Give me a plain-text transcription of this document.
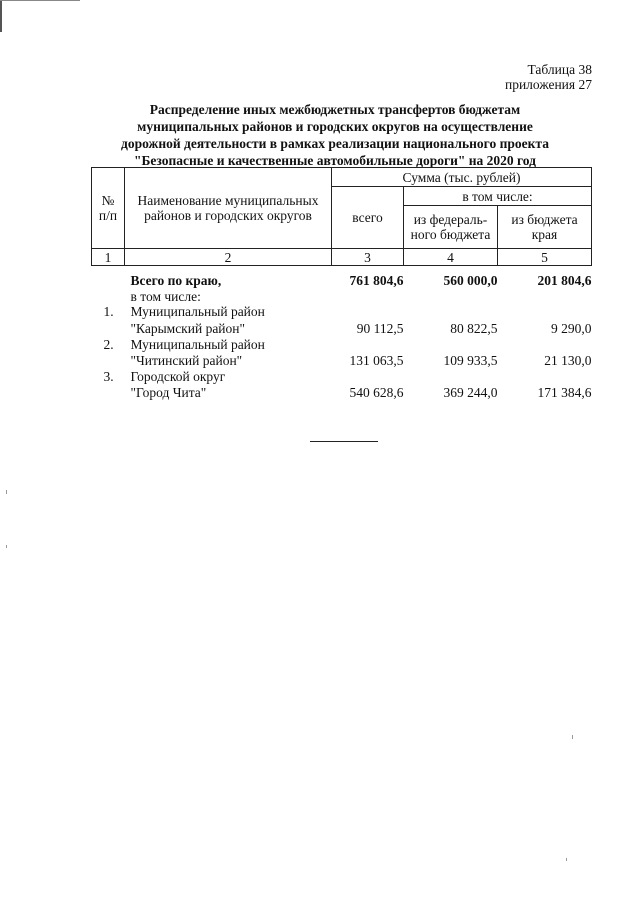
Таблица 38
приложения 27
Распределение иных межбюджетных трансфертов бюджетам
муниципальных районов и городских округов на осуществление
дорожной деятельности в рамках реализации национального проекта
"Безопасные и качественные автомобильные дороги" на 2020 год
№ п/п	Наименование муниципальных районов и городских округов	Сумма (тыс. рублей)		
		всего	в том числе:	
			из федераль-ного бюджета	из бюджета края
1	2	3	4	5
	Всего по краю,	761 804,6	560 000,0	201 804,6
	в том числе:			
1.	Муниципальный район			
	"Карымский район"	90 112,5	80 822,5	9 290,0
2.	Муниципальный район			
	"Читинский район"	131 063,5	109 933,5	21 130,0
3.	Городской округ			
	"Город Чита"	540 628,6	369 244,0	171 384,6
